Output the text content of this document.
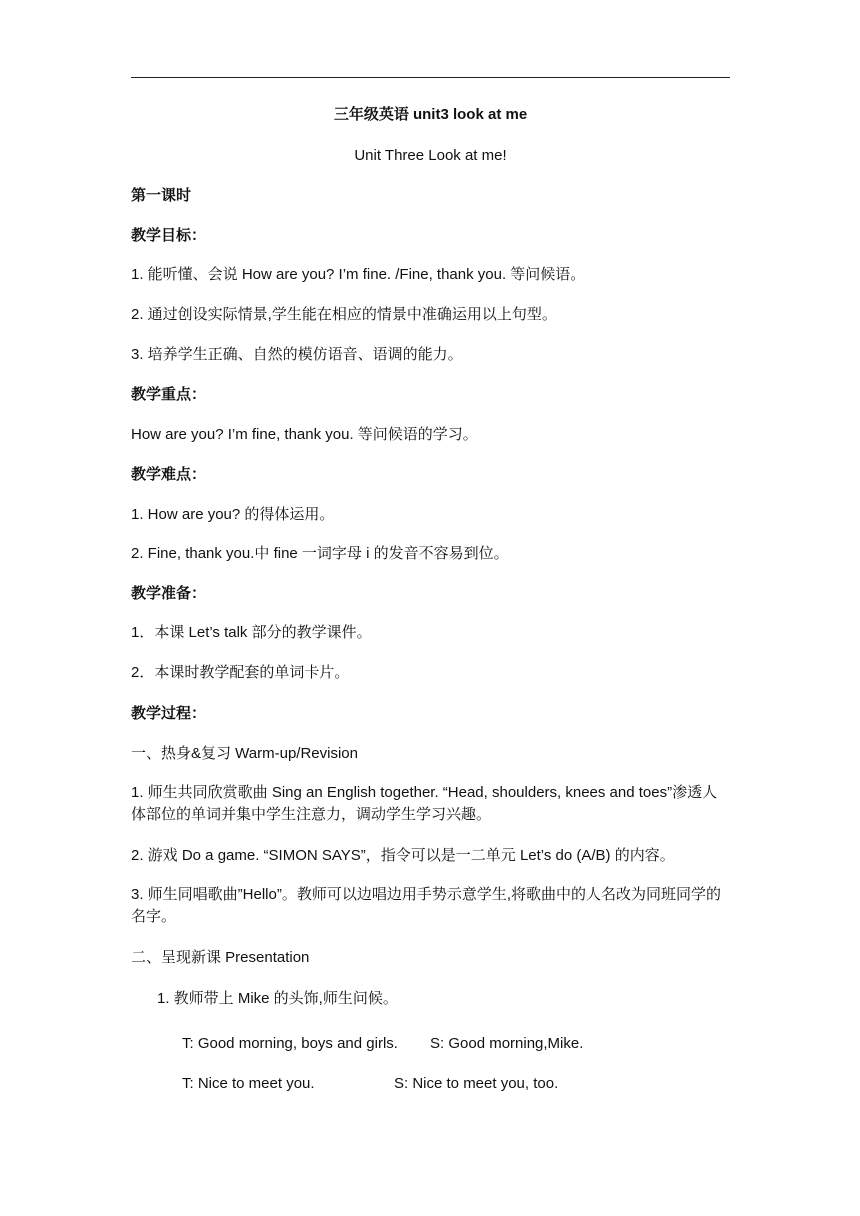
三年级英语 unit3 look at me
Unit Three Look at me!
第一课时
教学目标：
1. 能听懂、会说 How are you? I’m fine. /Fine, thank you. 等问候语。
2. 通过创设实际情景,学生能在相应的情景中准确运用以上句型。
3. 培养学生正确、自然的模仿语音、语调的能力。
教学重点：
How are you? I’m fine, thank you. 等问候语的学习。
教学难点：
1. How are you? 的得体运用。
2. Fine, thank you.中 fine 一词字母 i 的发音不容易到位。
教学准备：
1．本课 Let’s talk 部分的教学课件。
2．本课时教学配套的单词卡片。
教学过程：
一、热身&复习 Warm-up/Revision
1. 师生共同欣赏歌曲 Sing an English together. “Head, shoulders, knees and toes”渗透人体部位的单词并集中学生注意力，调动学生学习兴趣。
2. 游戏 Do a game. “SIMON SAYS”，指令可以是一二单元 Let’s do (A/B) 的内容。
3. 师生同唱歌曲”Hello”。教师可以边唱边用手势示意学生,将歌曲中的人名改为同班同学的名字。
二、呈现新课 Presentation
1. 教师带上 Mike 的头饰,师生问候。
T: Good morning, boys and girls.	S: Good morning,Mike.
T: Nice to meet you.	S: Nice to meet you, too.
